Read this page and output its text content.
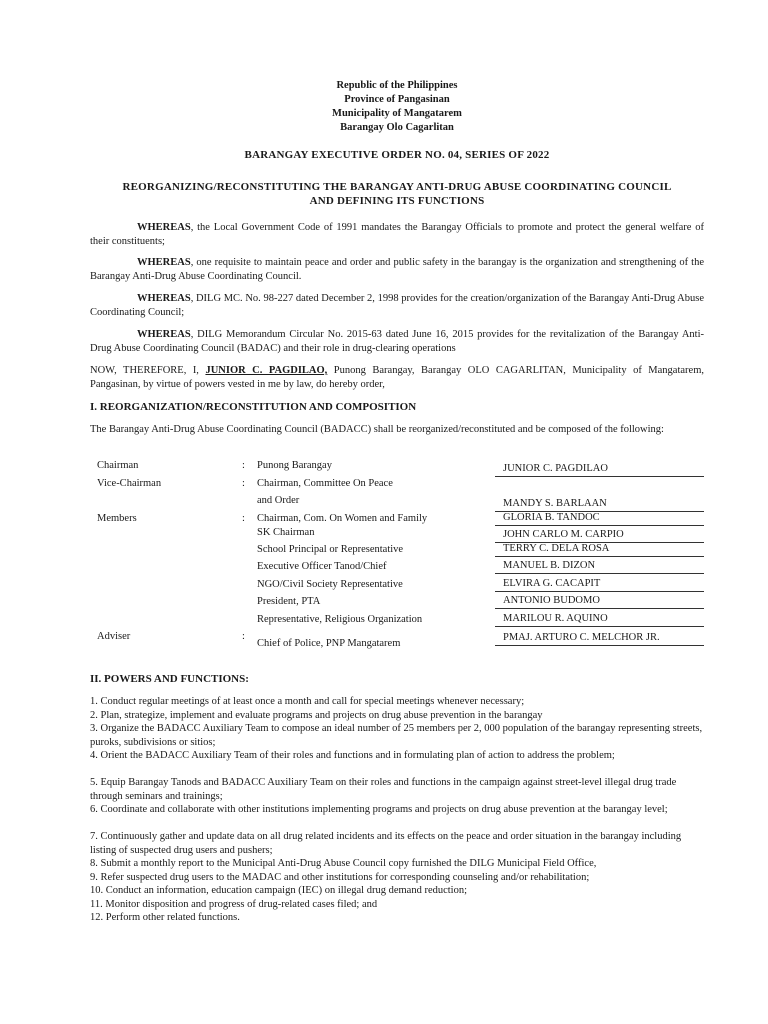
Republic of the Philippines
Province of Pangasinan
Municipality of Mangatarem
Barangay Olo Cagarlitan
BARANGAY EXECUTIVE ORDER NO. 04, SERIES OF 2022
REORGANIZING/RECONSTITUTING THE BARANGAY ANTI-DRUG ABUSE COORDINATING COUNCIL
AND DEFINING ITS FUNCTIONS
WHEREAS, the Local Government Code of 1991 mandates the Barangay Officials to promote and protect the general welfare of their constituents;
WHEREAS, one requisite to maintain peace and order and public safety in the barangay is the organization and strengthening of the Barangay Anti-Drug Abuse Coordinating Council.
WHEREAS, DILG MC. No. 98-227 dated December 2, 1998 provides for the creation/organization of the Barangay Anti-Drug Abuse Coordinating Council;
WHEREAS, DILG Memorandum Circular No. 2015-63 dated June 16, 2015 provides for the revitalization of the Barangay Anti-Drug Abuse Coordinating Council (BADAC) and their role in drug-clearing operations
NOW, THEREFORE, I, JUNIOR C. PAGDILAO, Punong Barangay, Barangay OLO CAGARLITAN, Municipality of Mangatarem, Pangasinan, by virtue of powers vested in me by law, do hereby order,
I. REORGANIZATION/RECONSTITUTION AND COMPOSITION
The Barangay Anti-Drug Abuse Coordinating Council (BADACC) shall be reorganized/reconstituted and be composed of the following:
Chairman
Vice-Chairman
Members
Adviser
:
:
:
:
Punong Barangay
Chairman, Committee On Peace
and Order
Chairman, Com. On Women and Family
SK Chairman
School Principal or Representative
Executive Officer Tanod/Chief
NGO/Civil Society Representative
President, PTA
Representative, Religious Organization
Chief of Police, PNP Mangatarem
JUNIOR C. PAGDILAO
MANDY S. BARLAAN
GLORIA B. TANDOC
JOHN CARLO M. CARPIO
TERRY C. DELA ROSA
MANUEL B. DIZON
ELVIRA G. CACAPIT
ANTONIO BUDOMO
MARILOU R. AQUINO
PMAJ. ARTURO C. MELCHOR JR.
II. POWERS AND FUNCTIONS:
1. Conduct regular meetings of at least once a month and call for special meetings whenever necessary;
2. Plan, strategize, implement and evaluate programs and projects on drug abuse prevention in the barangay
3. Organize the BADACC Auxiliary Team to compose an ideal number of 25 members per 2, 000 population of the barangay representing streets, puroks, subdivisions or sitios;
4. Orient the BADACC Auxiliary Team of their roles and functions and in formulating plan of action to address the problem;
5. Equip Barangay Tanods and BADACC Auxiliary Team on their roles and functions in the campaign against street-level illegal drug trade through seminars and trainings;
6. Coordinate and collaborate with other institutions implementing programs and projects on drug abuse prevention at the barangay level;
7. Continuously gather and update data on all drug related incidents and its effects on the peace and order situation in the barangay including listing of suspected drug users and pushers;
8. Submit a monthly report to the Municipal Anti-Drug Abuse Council copy furnished the DILG Municipal Field Office,
9. Refer suspected drug users to the MADAC and other institutions for corresponding counseling and/or rehabilitation;
10. Conduct an information, education campaign (IEC) on illegal drug demand reduction;
11. Monitor disposition and progress of drug-related cases filed; and
12. Perform other related functions.
